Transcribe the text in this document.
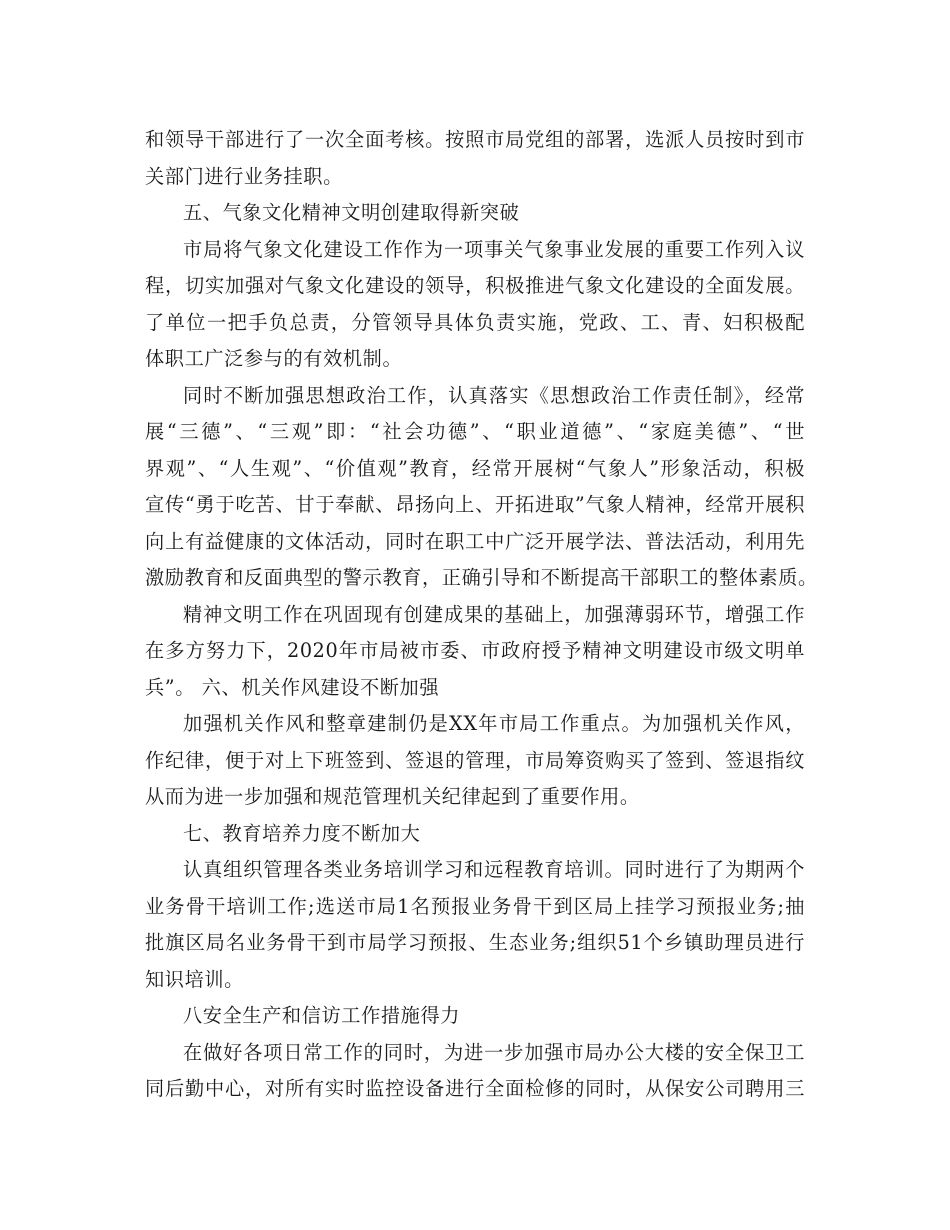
和领导干部进行了一次全面考核。按照市局党组的部署，选派人员按时到市
关部门进行业务挂职。
五、气象文化精神文明创建取得新突破
市局将气象文化建设工作作为一项事关气象事业发展的重要工作列入议
程，切实加强对气象文化建设的领导，积极推进气象文化建设的全面发展。
了单位一把手负总责，分管领导具体负责实施，党政、工、青、妇积极配
体职工广泛参与的有效机制。
同时不断加强思想政治工作，认真落实《思想政治工作责任制》，经常
展“三德”、“三观”即：“社会功德”、“职业道德”、“家庭美德”、“世
界观”、“人生观”、“价值观”教育，经常开展树“气象人”形象活动，积极
宣传“勇于吃苦、甘于奉献、昂扬向上、开拓进取”气象人精神，经常开展积
向上有益健康的文体活动，同时在职工中广泛开展学法、普法活动，利用先
激励教育和反面典型的警示教育，正确引导和不断提高干部职工的整体素质。
精神文明工作在巩固现有创建成果的基础上，加强薄弱环节，增强工作
在多方努力下，2020年市局被市委、市政府授予精神文明建设市级文明单
兵”。 六、机关作风建设不断加强
加强机关作风和整章建制仍是XX年市局工作重点。为加强机关作风，
作纪律，便于对上下班签到、签退的管理，市局筹资购买了签到、签退指纹
从而为进一步加强和规范管理机关纪律起到了重要作用。
七、教育培养力度不断加大
认真组织管理各类业务培训学习和远程教育培训。同时进行了为期两个
业务骨干培训工作;选送市局1名预报业务骨干到区局上挂学习预报业务;抽
批旗区局名业务骨干到市局学习预报、生态业务;组织51个乡镇助理员进行
知识培训。
八安全生产和信访工作措施得力
在做好各项日常工作的同时，为进一步加强市局办公大楼的安全保卫工
同后勤中心，对所有实时监控设备进行全面检修的同时，从保安公司聘用三
